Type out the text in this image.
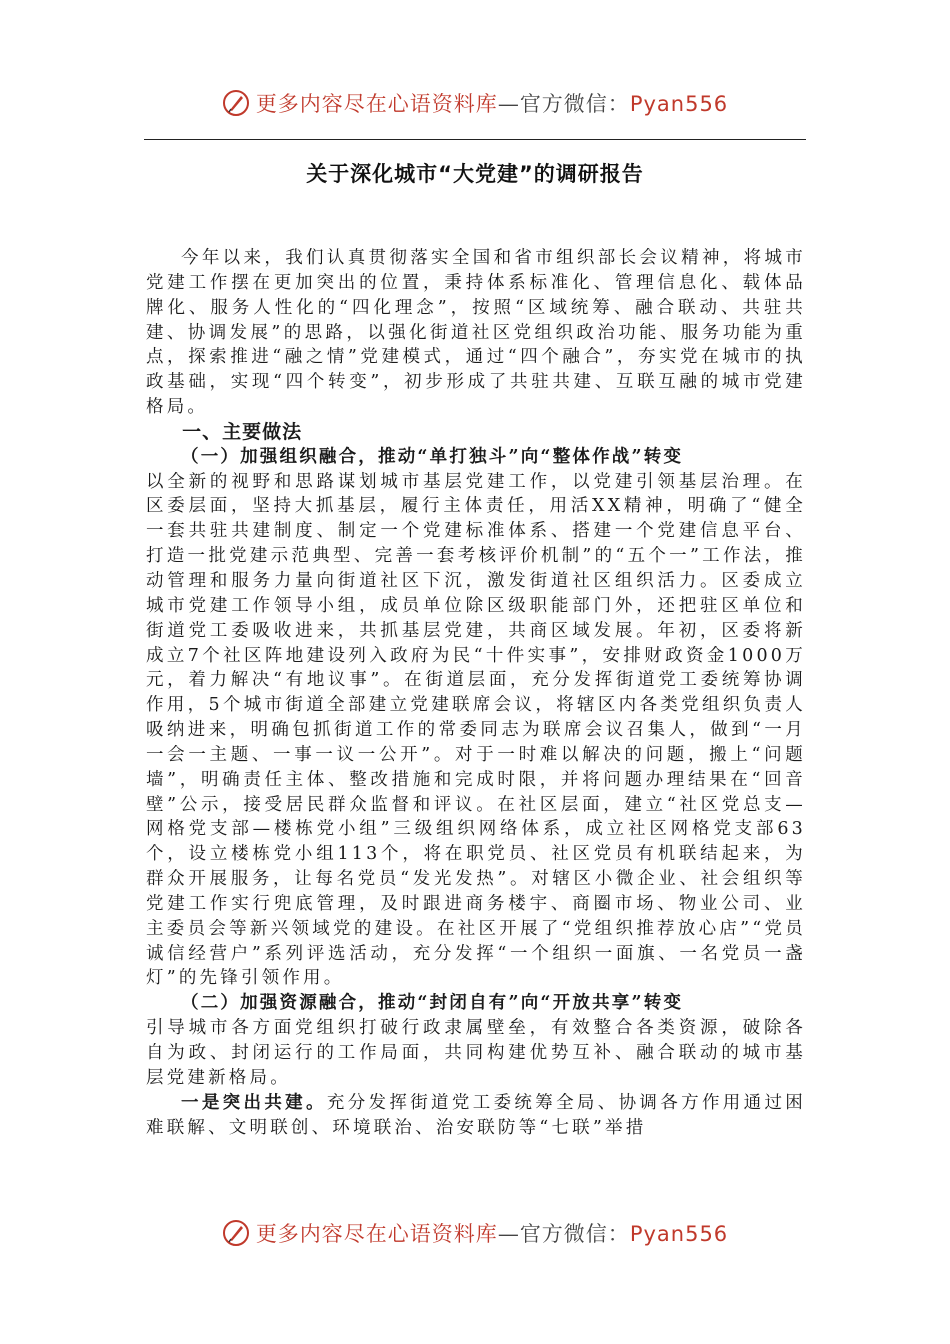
更多内容尽在心语资料库—官方微信：Pyan556
关于深化城市“大党建”的调研报告

今年以来，我们认真贯彻落实全国和省市组织部长会议精神，将城市党建工作摆在更加突出的位置，秉持体系标准化、管理信息化、载体品牌化、服务人性化的“四化理念”，按照“区域统筹、融合联动、共驻共建、协调发展”的思路，以强化街道社区党组织政治功能、服务功能为重点，探索推进“融之情”党建模式，通过“四个融合”，夯实党在城市的执政基础，实现“四个转变”，初步形成了共驻共建、互联互融的城市党建格局。

一、主要做法

（一）加强组织融合，推动“单打独斗”向“整体作战”转变

以全新的视野和思路谋划城市基层党建工作，以党建引领基层治理。在区委层面，坚持大抓基层，履行主体责任，用活XX精神，明确了“健全一套共驻共建制度、制定一个党建标准体系、搭建一个党建信息平台、打造一批党建示范典型、完善一套考核评价机制”的“五个一”工作法，推动管理和服务力量向街道社区下沉，激发街道社区组织活力。区委成立城市党建工作领导小组，成员单位除区级职能部门外，还把驻区单位和街道党工委吸收进来，共抓基层党建，共商区域发展。年初，区委将新成立7个社区阵地建设列入政府为民“十件实事”，安排财政资金1000万元，着力解决“有地议事”。在街道层面，充分发挥街道党工委统筹协调作用，5个城市街道全部建立党建联席会议，将辖区内各类党组织负责人吸纳进来，明确包抓街道工作的常委同志为联席会议召集人，做到“一月一会一主题、一事一议一公开”。对于一时难以解决的问题，搬上“问题墙”，明确责任主体、整改措施和完成时限，并将问题办理结果在“回音壁”公示，接受居民群众监督和评议。在社区层面，建立“社区党总支—网格党支部—楼栋党小组”三级组织网络体系，成立社区网格党支部63个，设立楼栋党小组113个，将在职党员、社区党员有机联结起来，为群众开展服务，让每名党员“发光发热”。对辖区小微企业、社会组织等党建工作实行兜底管理，及时跟进商务楼宇、商圈市场、物业公司、业主委员会等新兴领域党的建设。在社区开展了“党组织推荐放心店”“党员诚信经营户”系列评选活动，充分发挥“一个组织一面旗、一名党员一盏灯”的先锋引领作用。

（二）加强资源融合，推动“封闭自有”向“开放共享”转变

引导城市各方面党组织打破行政隶属壁垒，有效整合各类资源，破除各自为政、封闭运行的工作局面，共同构建优势互补、融合联动的城市基层党建新格局。

一是突出共建。充分发挥街道党工委统筹全局、协调各方作用通过困难联解、文明联创、环境联治、治安联防等“七联”举措

更多内容尽在心语资料库—官方微信：Pyan556
